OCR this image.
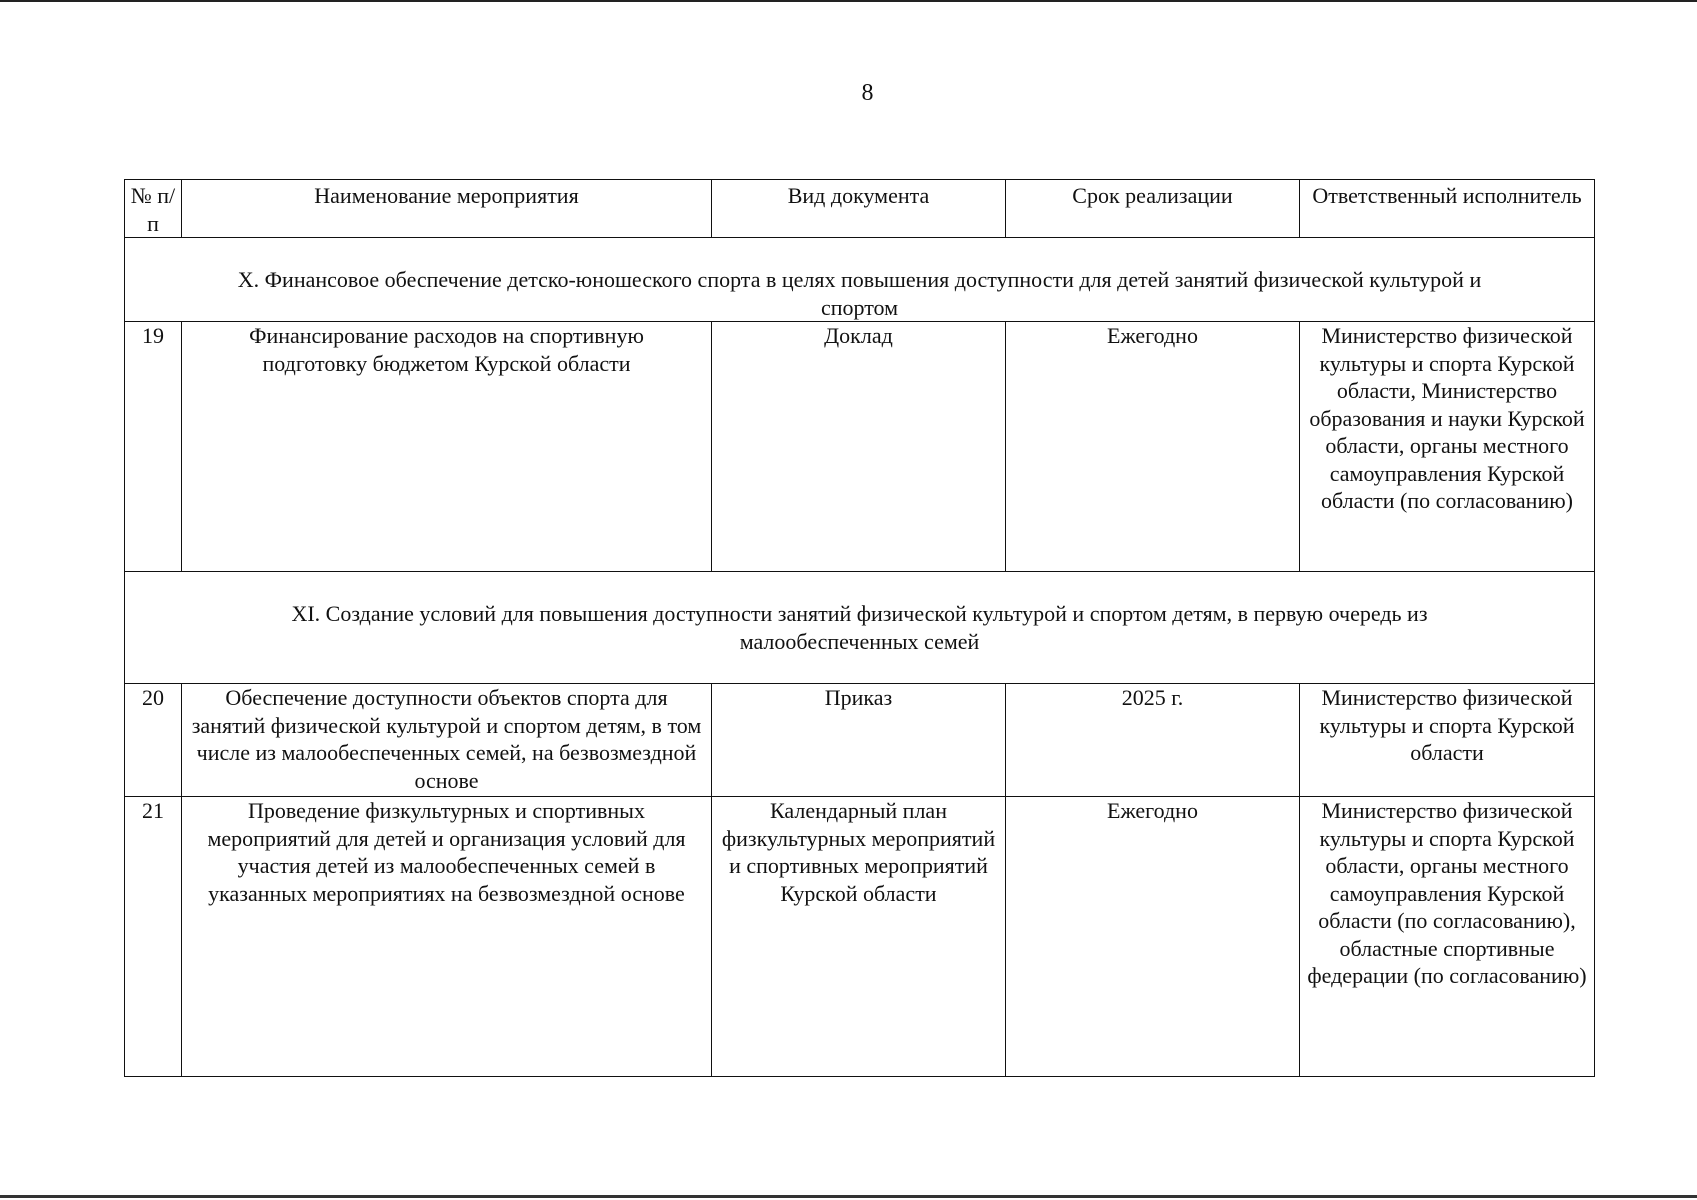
8
№ п/п	Наименование мероприятия	Вид документа	Срок реализации	Ответственный исполнитель

X. Финансовое обеспечение детско-юношеского спорта в целях повышения доступности для детей занятий физической культурой и спортом				

19	Финансирование расходов на спортивную подготовку бюджетом Курской области	Доклад	Ежегодно	Министерство физической культуры и спорта Курской области, Министерство образования и науки Курской области, органы местного самоуправления Курской области (по согласованию)

XI. Создание условий для повышения доступности занятий физической культурой и спортом детям, в первую очередь из малообеспеченных семей				

20	Обеспечение доступности объектов спорта для занятий физической культурой и спортом детям, в том числе из малообеспеченных семей, на безвозмездной основе	Приказ	2025 г.	Министерство физической культуры и спорта Курской области
21	Проведение физкультурных и спортивных мероприятий для детей и организация условий для участия детей из малообеспеченных семей в указанных мероприятиях на безвозмездной основе	Календарный план физкультурных мероприятий и спортивных мероприятий Курской области	Ежегодно	Министерство физической культуры и спорта Курской области, органы местного самоуправления Курской области (по согласованию), областные спортивные федерации (по согласованию)
